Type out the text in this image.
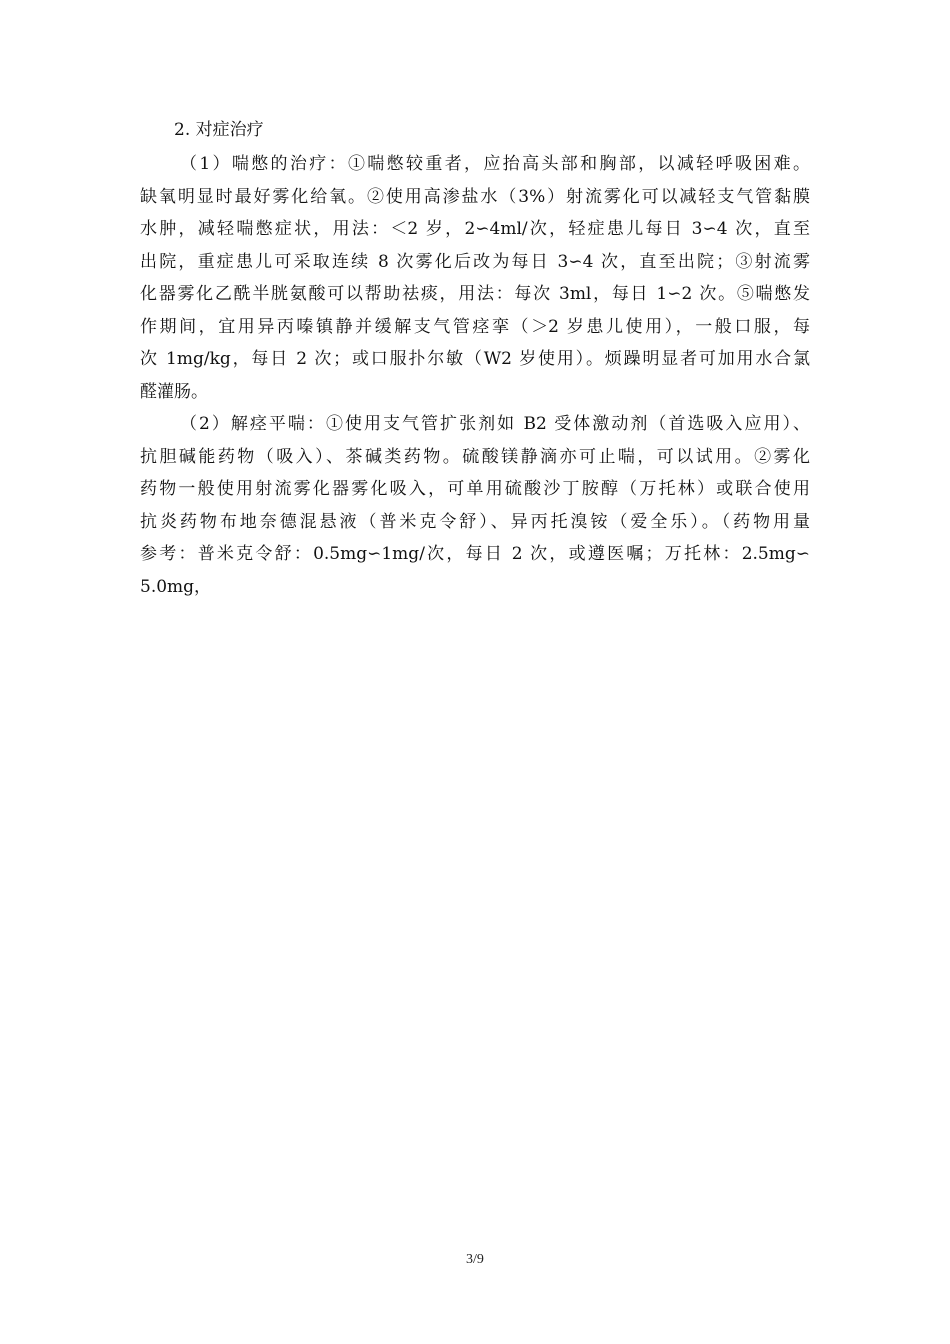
2. 对症治疗

（1）喘憋的治疗：①喘憋较重者，应抬高头部和胸部，以减轻呼吸困难。

缺氧明显时最好雾化给氧。②使用高渗盐水（3%）射流雾化可以减轻支气管黏膜

水肿，减轻喘憋症状，用法：＜2 岁，2∽4ml/次，轻症患儿每日 3∽4 次，直至

出院，重症患儿可采取连续 8 次雾化后改为每日 3∽4 次，直至出院；③射流雾

化器雾化乙酰半胱氨酸可以帮助祛痰，用法：每次 3ml，每日 1∽2 次。⑤喘憋发

作期间，宜用异丙嗪镇静并缓解支气管痉挛（＞2 岁患儿使用），一般口服，每

次 1mg/kg，每日 2 次；或口服扑尔敏（W2 岁使用）。烦躁明显者可加用水合氯

醛灌肠。

（2）解痉平喘：①使用支气管扩张剂如 B2 受体激动剂（首选吸入应用）、

抗胆碱能药物（吸入）、茶碱类药物。硫酸镁静滴亦可止喘，可以试用。②雾化

药物一般使用射流雾化器雾化吸入，可单用硫酸沙丁胺醇（万托林）或联合使用

抗炎药物布地奈德混悬液（普米克令舒）、异丙托溴铵（爱全乐）。（药物用量

参考：普米克令舒：0.5mg∽1mg/次，每日 2 次，或遵医嘱；万托林：2.5mg∽

5.0mg，

3/9
